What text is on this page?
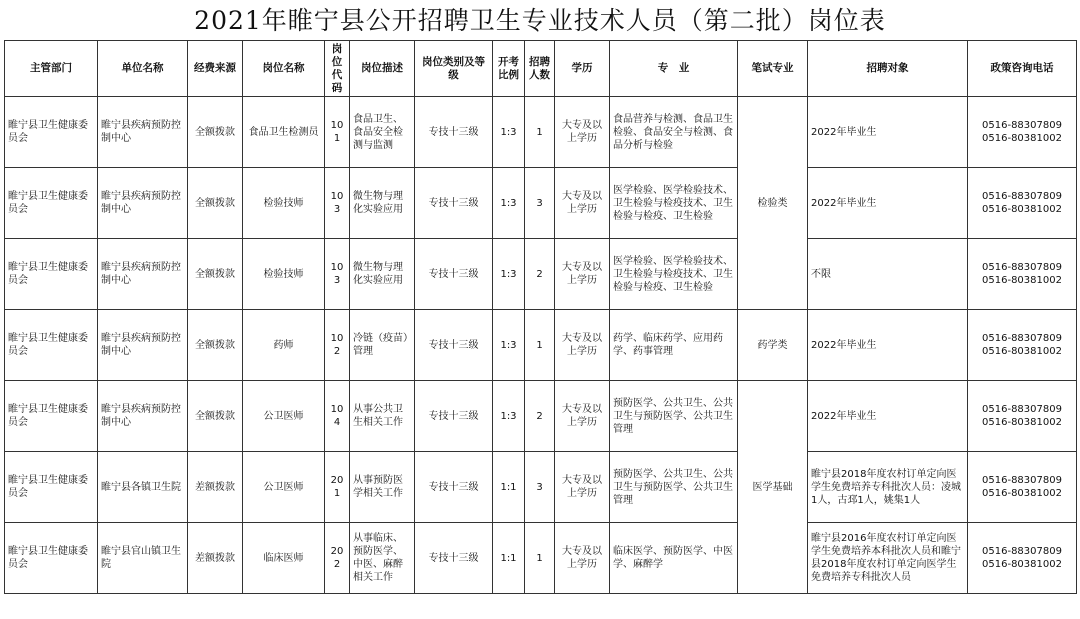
2021年睢宁县公开招聘卫生专业技术人员（第二批）岗位表
主管部门	单位名称	经费来源	岗位名称	岗位代码	岗位描述	岗位类别及等级	开考比例	招聘人数	学历	专　业	笔试专业	招聘对象	政策咨询电话
睢宁县卫生健康委员会	睢宁县疾病预防控制中心	全额拨款	食品卫生检测员	101	食品卫生、食品安全检测与监测	专技十三级	1:3	1	大专及以上学历	食品营养与检测、食品卫生检验、食品安全与检测、食品分析与检验	检验类	2022年毕业生	0516-88307809
0516-80381002

睢宁县卫生健康委员会	睢宁县疾病预防控制中心	全额拨款	检验技师	103	微生物与理化实验应用	专技十三级	1:3	3	大专及以上学历	医学检验、医学检验技术、卫生检验与检疫技术、卫生检验与检疫、卫生检验		2022年毕业生	0516-88307809
0516-80381002

睢宁县卫生健康委员会	睢宁县疾病预防控制中心	全额拨款	检验技师	103	微生物与理化实验应用	专技十三级	1:3	2	大专及以上学历	医学检验、医学检验技术、卫生检验与检疫技术、卫生检验与检疫、卫生检验		不限	0516-88307809
0516-80381002

睢宁县卫生健康委员会	睢宁县疾病预防控制中心	全额拨款	药师	102	冷链（疫苗）管理	专技十三级	1:3	1	大专及以上学历	药学、临床药学、应用药学、药事管理	药学类	2022年毕业生	0516-88307809
0516-80381002

睢宁县卫生健康委员会	睢宁县疾病预防控制中心	全额拨款	公卫医师	104	从事公共卫生相关工作	专技十三级	1:3	2	大专及以上学历	预防医学、公共卫生、公共卫生与预防医学、公共卫生管理	医学基础	2022年毕业生	0516-88307809
0516-80381002

睢宁县卫生健康委员会	睢宁县各镇卫生院	差额拨款	公卫医师	201	从事预防医学相关工作	专技十三级	1:1	3	大专及以上学历	预防医学、公共卫生、公共卫生与预防医学、公共卫生管理		睢宁县2018年度农村订单定向医学生免费培养专科批次人员：凌城1人，古邳1人，姚集1人	0516-88307809
0516-80381002

睢宁县卫生健康委员会	睢宁县官山镇卫生院	差额拨款	临床医师	202	从事临床、预防医学、中医、麻醉相关工作	专技十三级	1:1	1	大专及以上学历	临床医学、预防医学、中医学、麻醉学		睢宁县2016年度农村订单定向医学生免费培养本科批次人员和睢宁县2018年度农村订单定向医学生免费培养专科批次人员	0516-88307809
0516-80381002
